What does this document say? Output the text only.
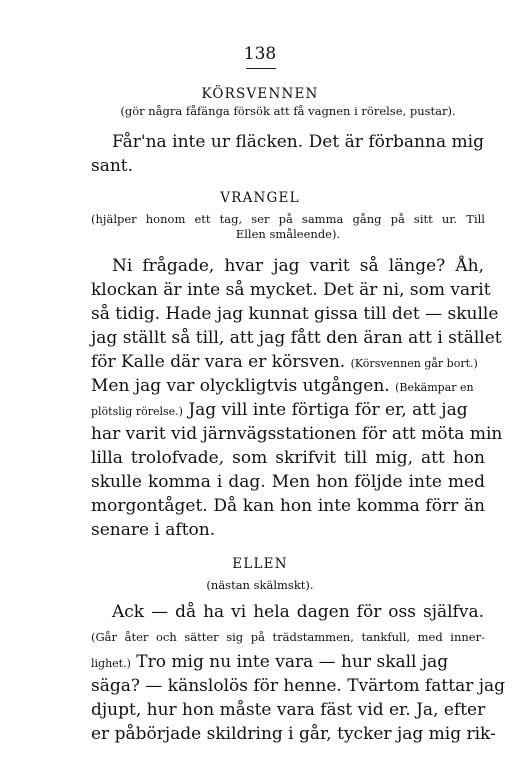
138
KÖRSVENNEN
(gör några fåfänga försök att få vagnen i rörelse, pustar).
Får'na inte ur fläcken. Det är förbanna mig
sant.
VRANGEL
(hjälper honom ett tag, ser på samma gång på sitt ur. Till
Ellen småleende).
Ni frågade, hvar jag varit så länge? Åh,
klockan är inte så mycket. Det är ni, som varit
så tidig. Hade jag kunnat gissa till det — skulle
jag ställt så till, att jag fått den äran att i stället
för Kalle där vara er körsven. (Körsvennen går bort.)
Men jag var olyckligtvis utgången. (Bekämpar en
plötslig rörelse.) Jag vill inte förtiga för er, att jag
har varit vid järnvägsstationen för att möta min
lilla trolofvade, som skrifvit till mig, att hon
skulle komma i dag. Men hon följde inte med
morgontåget. Då kan hon inte komma förr än
senare i afton.
ELLEN
(nästan skälmskt).
Ack — då hа vi hela dagen för oss själfva.
(Går åter och sätter sig på trädstammen, tankfull, med inner-
lighet.) Tro mig nu inte vara — hur skall jag
säga? — känslolös för henne. Tvärtom fattar jag
djupt, hur hon måste vara fäst vid er. Ja, efter
er påbörjade skildring i går, tycker jag mig rik-
